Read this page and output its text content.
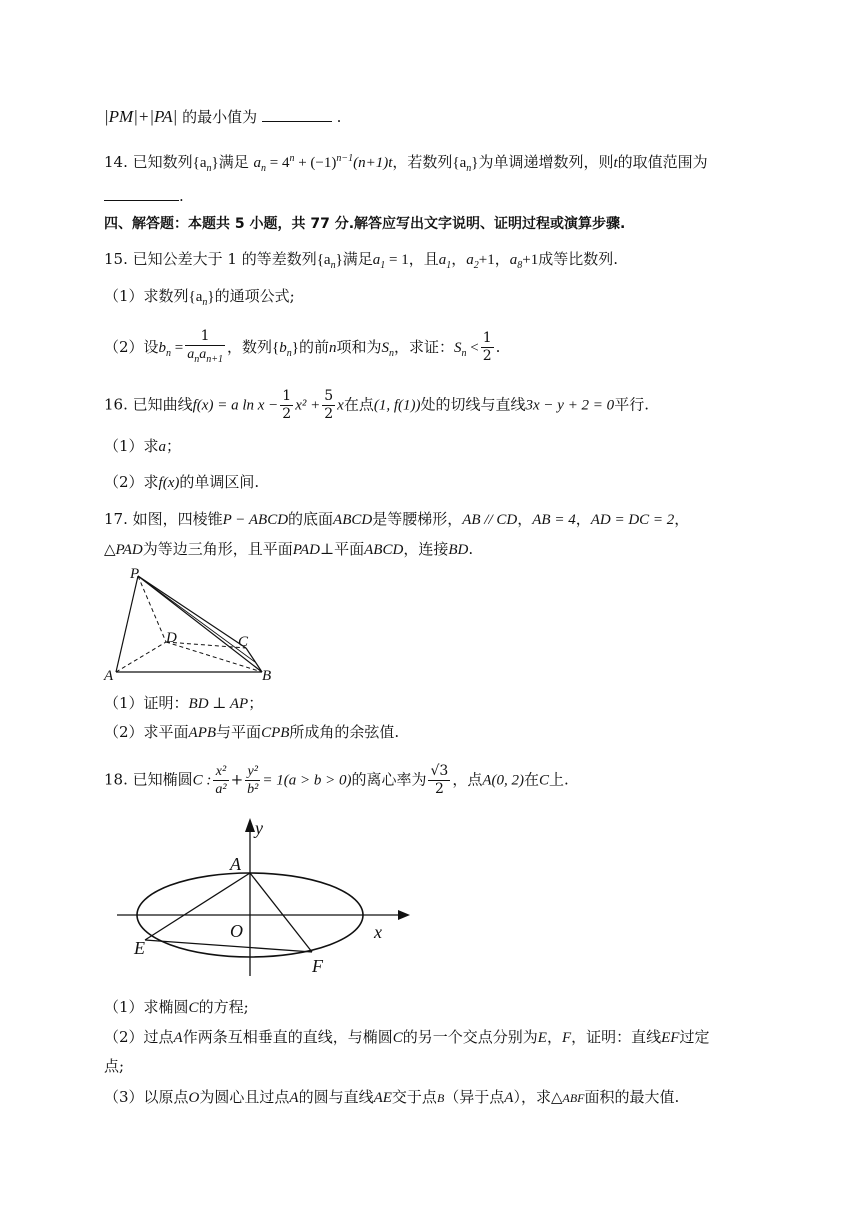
|PM|+|PA| 的最小值为	.
14. 已知数列$\{a_n\}$满足 $a_n = 4^n + (-1)^{n-1}(n+1)t$，若数列$\{a_n\}$为单调递增数列，则t的取值范围为
.
四、解答题：本题共 5 小题，共 77 分.解答应写出文字说明、证明过程或演算步骤.
15. 已知公差大于 1 的等差数列$\{a_n\}$满足$a_1 = 1$，且$a_1$，$a_2+1$，$a_8+1$成等比数列.
（1）求数列$\{a_n\}$的通项公式;
（2）设$b_n = \frac{1}{a_na_{n+1}}$ ，数列$\{b_n\}$的前n项和为$S_n$，求证：$S_n < \frac{1}{2}$ .
16. 已知曲线f(x) = a $\ln x - \frac{1}{2} x^2 + \frac{5}{2}$ x在点(1, f(1))处的切线与直线3x − y + 2 = 0平行.
（1）求a；
（2）求f(x)的单调区间.
17. 如图，四棱锥P − ABCD的底面ABCD是等腰梯形，AB // CD，AB = 4，AD = DC = 2，
△PAD为等边三角形，且平面PAD⊥平面ABCD，连接BD.
P
D	C
A	B
（1）证明：BD ⊥ AP；
（2）求平面APB与平面CPB所成角的余弦值.
18. 已知椭圆C : $\frac{\text{x²}}{\text{a²}} + \frac{\text{y²}}{\text{b²}} = 1(a > b > 0)$的离心率为 $\frac{√3}{2}$ ，点A(0, 2)在C上.
y
A
O	x
E
F
（1）求椭圆C的方程;
（2）过点A作两条互相垂直的直线，与椭圆C的另一个交点分别为E，F，证明：直线EF过定
点;
（3）以原点O为圆心且过点A的圆与直线AE交于点B（异于点A），求△ABF面积的最大值.
